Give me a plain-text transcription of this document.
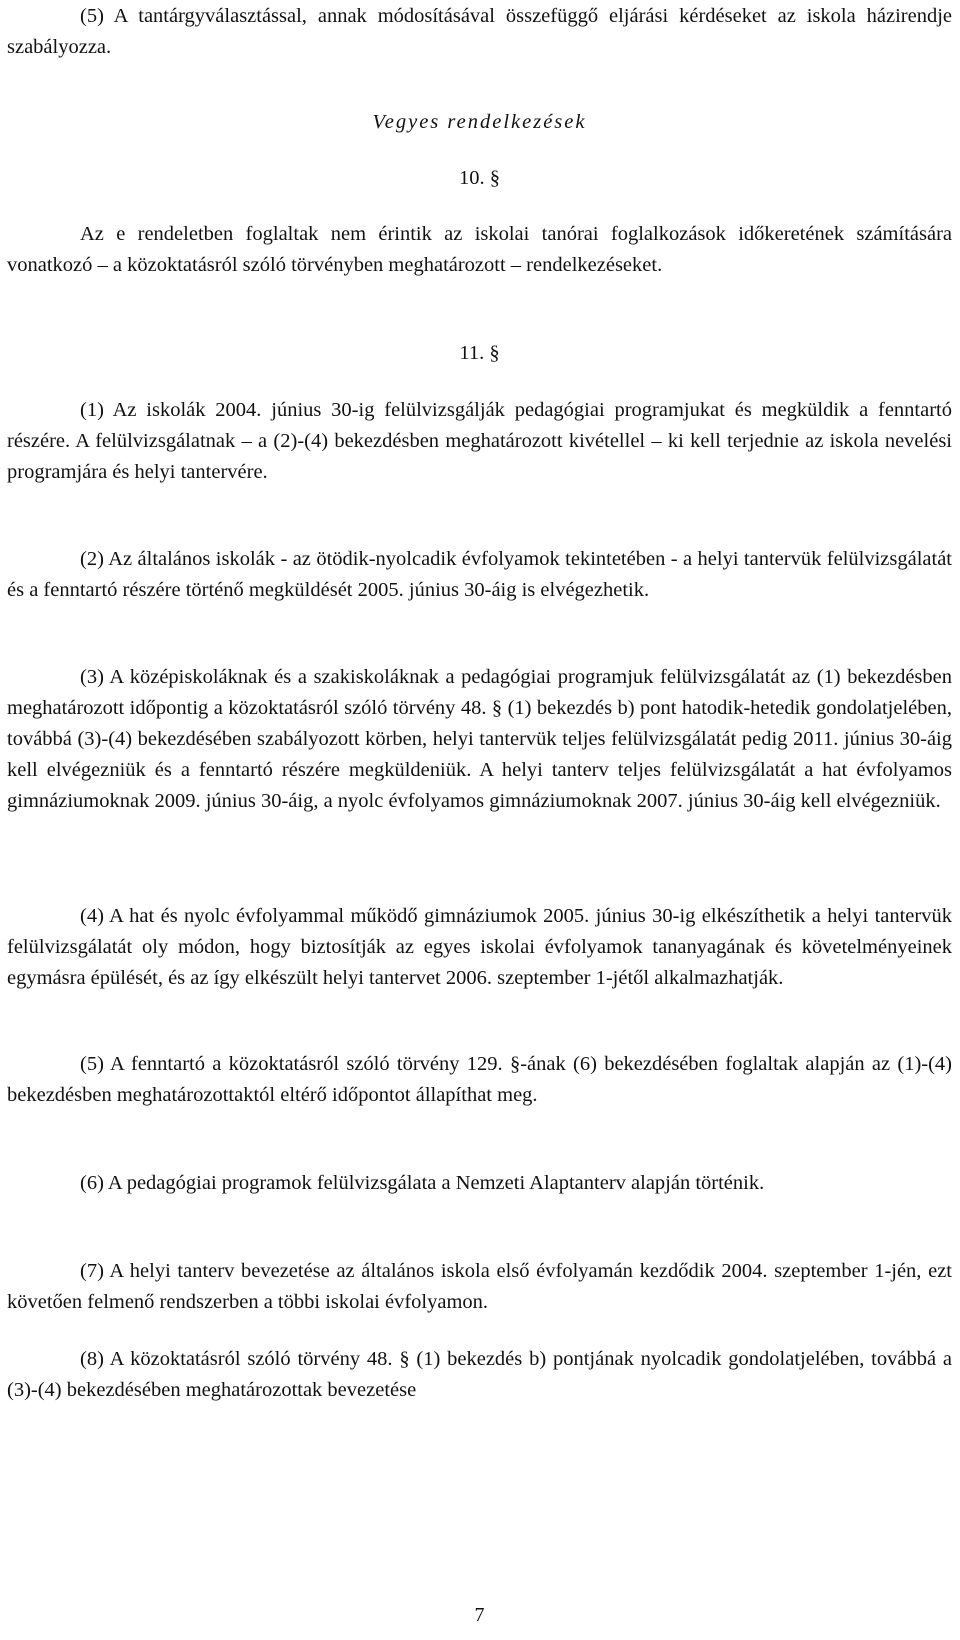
(5) A tantárgyválasztással, annak módosításával összefüggő eljárási kérdéseket az iskola házirendje szabályozza.

Vegyes rendelkezések

10. §

Az e rendeletben foglaltak nem érintik az iskolai tanórai foglalkozások időkeretének számítására vonatkozó – a közoktatásról szóló törvényben meghatározott – rendelkezéseket.

11. §

(1) Az iskolák 2004. június 30-ig felülvizsgálják pedagógiai programjukat és megküldik a fenntartó részére. A felülvizsgálatnak – a (2)-(4) bekezdésben meghatározott kivétellel – ki kell terjednie az iskola nevelési programjára és helyi tantervére.

(2) Az általános iskolák - az ötödik-nyolcadik évfolyamok tekintetében - a helyi tantervük felülvizsgálatát és a fenntartó részére történő megküldését 2005. június 30-áig is elvégezhetik.

(3) A középiskoláknak és a szakiskoláknak a pedagógiai programjuk felülvizsgálatát az (1) bekezdésben meghatározott időpontig a közoktatásról szóló törvény 48. § (1) bekezdés b) pont hatodik-hetedik gondolatjelében, továbbá (3)-(4) bekezdésében szabályozott körben, helyi tantervük teljes felülvizsgálatát pedig 2011. június 30-áig kell elvégezniük és a fenntartó részére megküldeniük. A helyi tanterv teljes felülvizsgálatát a hat évfolyamos gimnáziumoknak 2009. június 30-áig, a nyolc évfolyamos gimnáziumoknak 2007. június 30-áig kell elvégezniük.

(4) A hat és nyolc évfolyammal működő gimnáziumok 2005. június 30-ig elkészíthetik a helyi tantervük felülvizsgálatát oly módon, hogy biztosítják az egyes iskolai évfolyamok tananyagának és követelményeinek egymásra épülését, és az így elkészült helyi tantervet 2006. szeptember 1-jétől alkalmazhatják.

(5) A fenntartó a közoktatásról szóló törvény 129. §-ának (6) bekezdésében foglaltak alapján az (1)-(4) bekezdésben meghatározottaktól eltérő időpontot állapíthat meg.

(6) A pedagógiai programok felülvizsgálata a Nemzeti Alaptanterv alapján történik.

(7) A helyi tanterv bevezetése az általános iskola első évfolyamán kezdődik 2004. szeptember 1-jén, ezt követően felmenő rendszerben a többi iskolai évfolyamon.

(8) A közoktatásról szóló törvény 48. § (1) bekezdés b) pontjának nyolcadik gondolatjelében, továbbá a (3)-(4) bekezdésében meghatározottak bevezetése

7
